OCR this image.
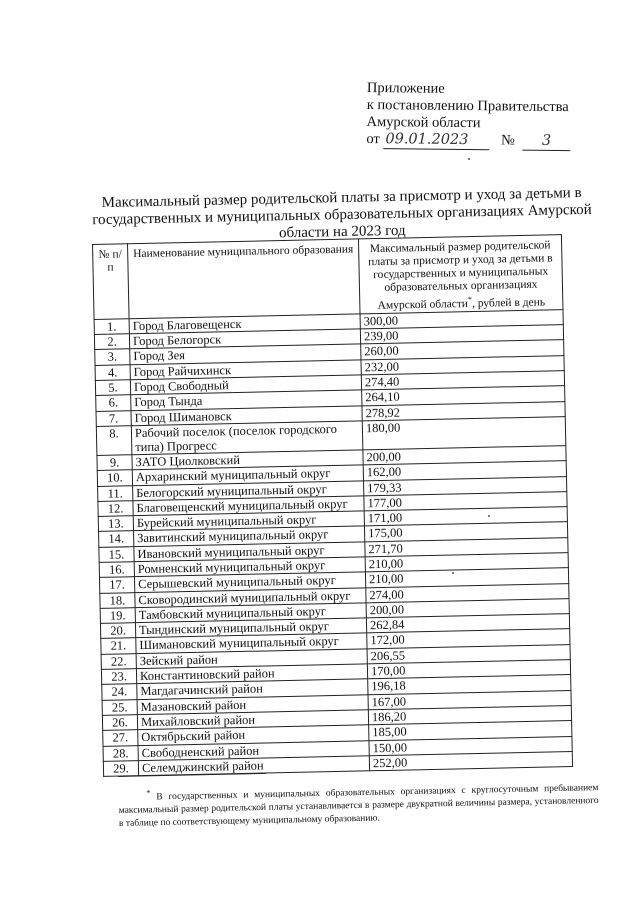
Приложение
к постановлению Правительства
Амурской области
от 09.01.2023 № 3
Максимальный размер родительской платы за присмотр и уход за детьми в государственных и муниципальных образовательных организациях Амурской области на 2023 год
№ п/п	Наименование муниципального образования	Максимальный размер родительской платы за присмотр и уход за детьми в государственных и муниципальных образовательных организациях Амурской области*, рублей в день
1.	Город Благовещенск	300,00
2.	Город Белогорск	239,00
3.	Город Зея	260,00
4.	Город Райчихинск	232,00
5.	Город Свободный	274,40
6.	Город Тында	264,10
7.	Город Шимановск	278,92
8.	Рабочий поселок (поселок городского типа) Прогресс	180,00
9.	ЗАТО Циолковский	200,00
10.	Архаринский муниципальный округ	162,00
11.	Белогорский муниципальный округ	179,33
12.	Благовещенский муниципальный округ	177,00
13.	Бурейский муниципальный округ	171,00
14.	Завитинский муниципальный округ	175,00
15.	Ивановский муниципальный округ	271,70
16.	Ромненский муниципальный округ	210,00
17.	Серышевский муниципальный округ	210,00
18.	Сковородинский муниципальный округ	274,00
19.	Тамбовский муниципальный округ	200,00
20.	Тындинский муниципальный округ	262,84
21.	Шимановский муниципальный округ	172,00
22.	Зейский район	206,55
23.	Константиновский район	170,00
24.	Магдагачинский район	196,18
25.	Мазановский район	167,00
26.	Михайловский район	186,20
27.	Октябрьский район	185,00
28.	Свободненский район	150,00
29.	Селемджинский район	252,00
* В государственных и муниципальных образовательных организациях с круглосуточным пребыванием максимальный размер родительской платы устанавливается в размере двукратной величины размера, установленного в таблице по соответствующему муниципальному образованию.
